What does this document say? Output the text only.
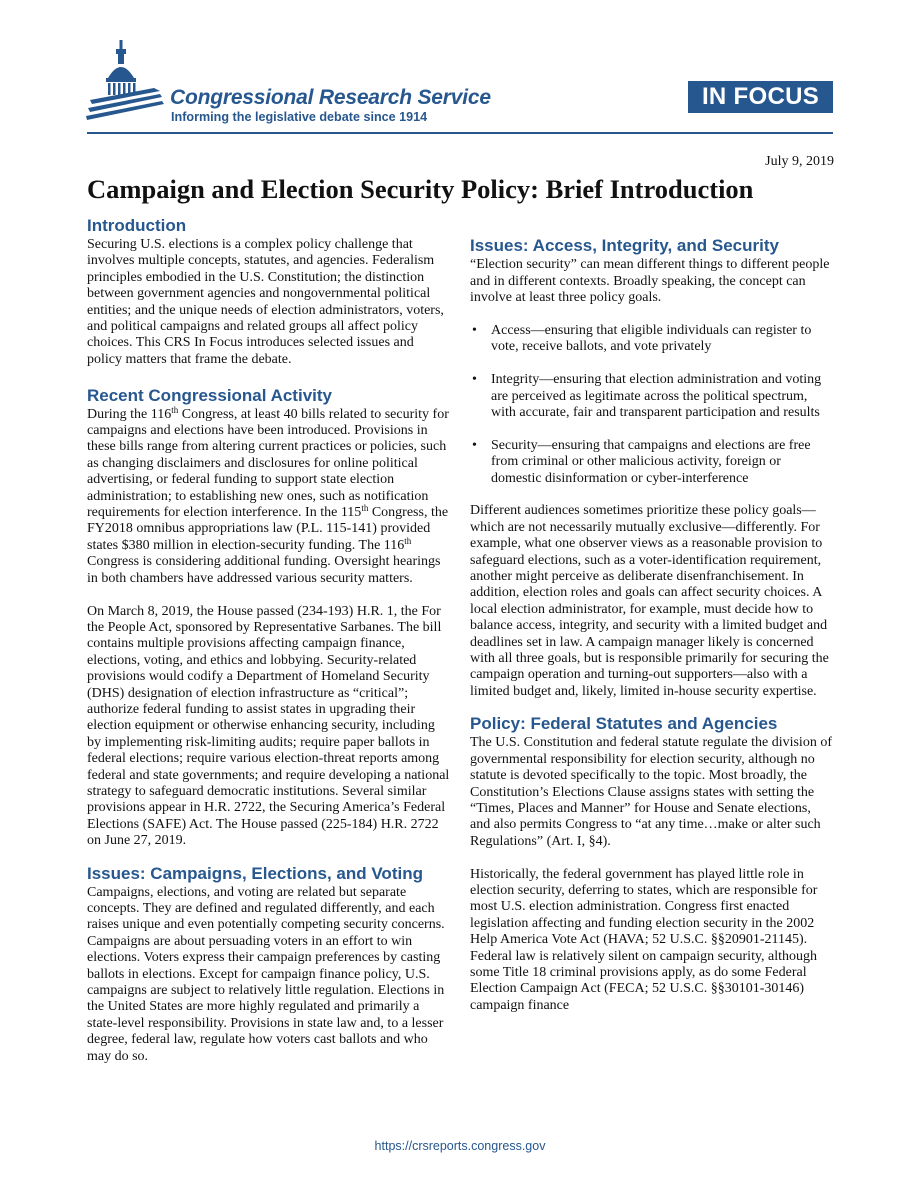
Congressional Research Service
Informing the legislative debate since 1914
IN FOCUS
July 9, 2019
Campaign and Election Security Policy: Brief Introduction
Introduction

Securing U.S. elections is a complex policy challenge that involves multiple concepts, statutes, and agencies. Federalism principles embodied in the U.S. Constitution; the distinction between government agencies and nongovernmental political entities; and the unique needs of election administrators, voters, and political campaigns and related groups all affect policy choices. This CRS In Focus introduces selected issues and policy matters that frame the debate.

Recent Congressional Activity

During the 116th Congress, at least 40 bills related to security for campaigns and elections have been introduced. Provisions in these bills range from altering current practices or policies, such as changing disclaimers and disclosures for online political advertising, or federal funding to support state election administration; to establishing new ones, such as notification requirements for election interference. In the 115th Congress, the FY2018 omnibus appropriations law (P.L. 115-141) provided states $380 million in election-security funding. The 116th Congress is considering additional funding. Oversight hearings in both chambers have addressed various security matters.

On March 8, 2019, the House passed (234-193) H.R. 1, the For the People Act, sponsored by Representative Sarbanes. The bill contains multiple provisions affecting campaign finance, elections, voting, and ethics and lobbying. Security-related provisions would codify a Department of Homeland Security (DHS) designation of election infrastructure as “critical”; authorize federal funding to assist states in upgrading their election equipment or otherwise enhancing security, including by implementing risk-limiting audits; require paper ballots in federal elections; require various election-threat reports among federal and state governments; and require developing a national strategy to safeguard democratic institutions. Several similar provisions appear in H.R. 2722, the Securing America’s Federal Elections (SAFE) Act. The House passed (225-184) H.R. 2722 on June 27, 2019.

Issues: Campaigns, Elections, and Voting

Campaigns, elections, and voting are related but separate concepts. They are defined and regulated differently, and each raises unique and even potentially competing security concerns. Campaigns are about persuading voters in an effort to win elections. Voters express their campaign preferences by casting ballots in elections. Except for campaign finance policy, U.S. campaigns are subject to relatively little regulation. Elections in the United States are more highly regulated and primarily a state-level responsibility. Provisions in state law and, to a lesser degree, federal law, regulate how voters cast ballots and who may do so.

Issues: Access, Integrity, and Security

“Election security” can mean different things to different people and in different contexts. Broadly speaking, the concept can involve at least three policy goals.

• Access—ensuring that eligible individuals can register to vote, receive ballots, and vote privately
• Integrity—ensuring that election administration and voting are perceived as legitimate across the political spectrum, with accurate, fair and transparent participation and results
• Security—ensuring that campaigns and elections are free from criminal or other malicious activity, foreign or domestic disinformation or cyber-interference

Different audiences sometimes prioritize these policy goals—which are not necessarily mutually exclusive—differently. For example, what one observer views as a reasonable provision to safeguard elections, such as a voter-identification requirement, another might perceive as deliberate disenfranchisement. In addition, election roles and goals can affect security choices. A local election administrator, for example, must decide how to balance access, integrity, and security with a limited budget and deadlines set in law. A campaign manager likely is concerned with all three goals, but is responsible primarily for securing the campaign operation and turning-out supporters—also with a limited budget and, likely, limited in-house security expertise.

Policy: Federal Statutes and Agencies

The U.S. Constitution and federal statute regulate the division of governmental responsibility for election security, although no statute is devoted specifically to the topic. Most broadly, the Constitution’s Elections Clause assigns states with setting the “Times, Places and Manner” for House and Senate elections, and also permits Congress to “at any time…make or alter such Regulations” (Art. I, §4).

Historically, the federal government has played little role in election security, deferring to states, which are responsible for most U.S. election administration. Congress first enacted legislation affecting and funding election security in the 2002 Help America Vote Act (HAVA; 52 U.S.C. §§20901-21145). Federal law is relatively silent on campaign security, although some Title 18 criminal provisions apply, as do some Federal Election Campaign Act (FECA; 52 U.S.C. §§30101-30146) campaign finance

https://crsreports.congress.gov
